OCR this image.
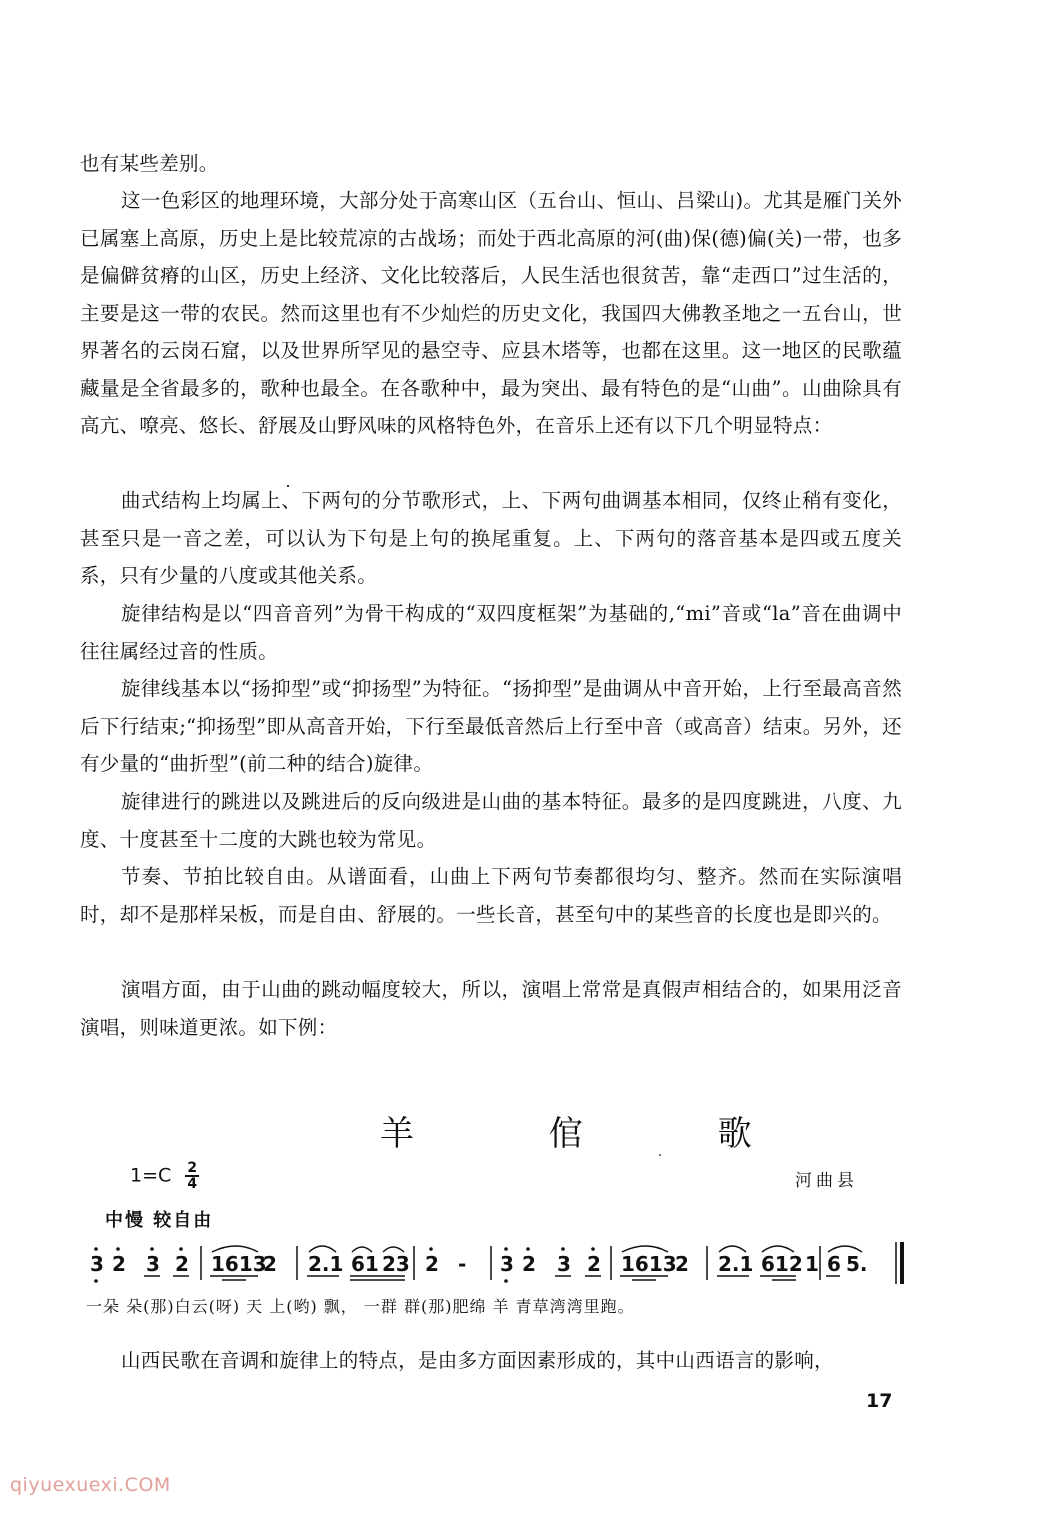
也有某些差别。

这一色彩区的地理环境，大部分处于高寒山区（五台山、恒山、吕梁山)。尤其是雁门关外已属塞上高原，历史上是比较荒凉的古战场；而处于西北高原的河(曲)保(德)偏(关)一带，也多是偏僻贫瘠的山区，历史上经济、文化比较落后，人民生活也很贫苦，靠“走西口”过生活的，主要是这一带的农民。然而这里也有不少灿烂的历史文化，我国四大佛教圣地之一五台山，世界著名的云岗石窟，以及世界所罕见的悬空寺、应县木塔等，也都在这里。这一地区的民歌蕴藏量是全省最多的，歌种也最全。在各歌种中，最为突出、最有特色的是“山曲”。山曲除具有高亢、嘹亮、悠长、舒展及山野风味的风格特色外，在音乐上还有以下几个明显特点：

曲式结构上均属上、下两句的分节歌形式，上、下两句曲调基本相同，仅终止稍有变化，甚至只是一音之差，可以认为下句是上句的换尾重复。上、下两句的落音基本是四或五度关系，只有少量的八度或其他关系。

旋律结构是以“四音音列”为骨干构成的“双四度框架”为基础的,“mi”音或“la”音在曲调中往往属经过音的性质。

旋律线基本以“扬抑型”或“抑扬型”为特征。“扬抑型”是曲调从中音开始，上行至最高音然后下行结束;“抑扬型”即从高音开始，下行至最低音然后上行至中音（或高音）结束。另外，还有少量的“曲折型”(前二种的结合)旋律。

旋律进行的跳进以及跳进后的反向级进是山曲的基本特征。最多的是四度跳进，八度、九度、十度甚至十二度的大跳也较为常见。

节奏、节拍比较自由。从谱面看，山曲上下两句节奏都很均匀、整齐。然而在实际演唱时，却不是那样呆板，而是自由、舒展的。一些长音，甚至句中的某些音的长度也是即兴的。

演唱方面，由于山曲的跳动幅度较大，所以，演唱上常常是真假声相结合的，如果用泛音演唱，则味道更浓。如下例：

羊 倌 歌
$1=C \frac{2}{4}$	河曲县
中慢 较自由
3 2 3 2 1613
2 2.1 61 23 2 - 3 2 3 2 1613
2 2.1 612 1 6 5.
一朵 朵(那)白云(呀) 天 上(哟) 飘， 一群 群(那)肥绵 羊 青草湾湾里跑。

山西民歌在音调和旋律上的特点，是由多方面因素形成的，其中山西语言的影响，

17
qiyuexuexi.COM
